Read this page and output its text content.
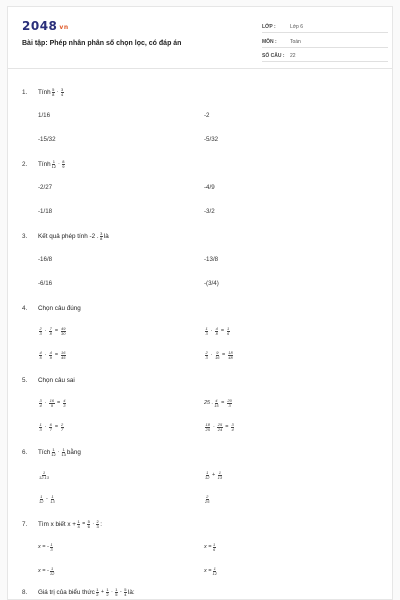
2048 vn
Bài tập: Phép nhân phân số chọn lọc, có đáp án
LỚP :	Lớp 6
MÔN :	Toán
SỐ CÂU :	22
1.	Tính $\frac{5}{8} \cdot \frac{3}{4}$
1/16	-2
-15/32	-5/32
2.	Tính $\frac{1}{12} \cdot \frac{8}{9}$
-2/27	-4/9
-1/18	-3/2
3.	Kết quả phép tính -2 . $\frac{3}{8}$ là
-16/8	-13/8
-6/16	-(3/4)
4.	Chọn câu đúng
$\frac{2}{3} \cdot \frac{7}{8} = \frac{49}{30}$	$\frac{1}{3} \cdot \frac{4}{8} = \frac{1}{6}$
$\frac{4}{5} \cdot \frac{4}{9} = \frac{16}{45}$	$\frac{2}{3} \cdot \frac{9}{16} = \frac{18}{48}$
5.	Chọn câu sai
$\frac{3}{4} \cdot \frac{16}{9} = \frac{4}{3}$	25 . $\frac{4}{15} = \frac{20}{3}$
$\frac{1}{3} \cdot \frac{6}{7} = \frac{2}{7}$	$\frac{18}{25} \cdot \frac{25}{24} = \frac{3}{4}$
6.	Tích $\frac{1}{12} \cdot \frac{1}{13}$ bằng
$\frac{1}{12.13}$	$\frac{1}{12} + \frac{1}{13}$
$\frac{1}{12} - \frac{1}{13}$	$\frac{2}{25}$
7.	Tìm x biết $x + \frac{1}{4} = \frac{5}{6} \cdot \frac{2}{3}$ :
x = - $\frac{1}{3}$	$x = \frac{1}{6}$
x = - $\frac{1}{12}$	$x = \frac{1}{12}$
8.	Giá trị của biểu thức $\frac{1}{2} + \frac{1}{2} \cdot \frac{1}{5} - \frac{5}{4}$ là:
